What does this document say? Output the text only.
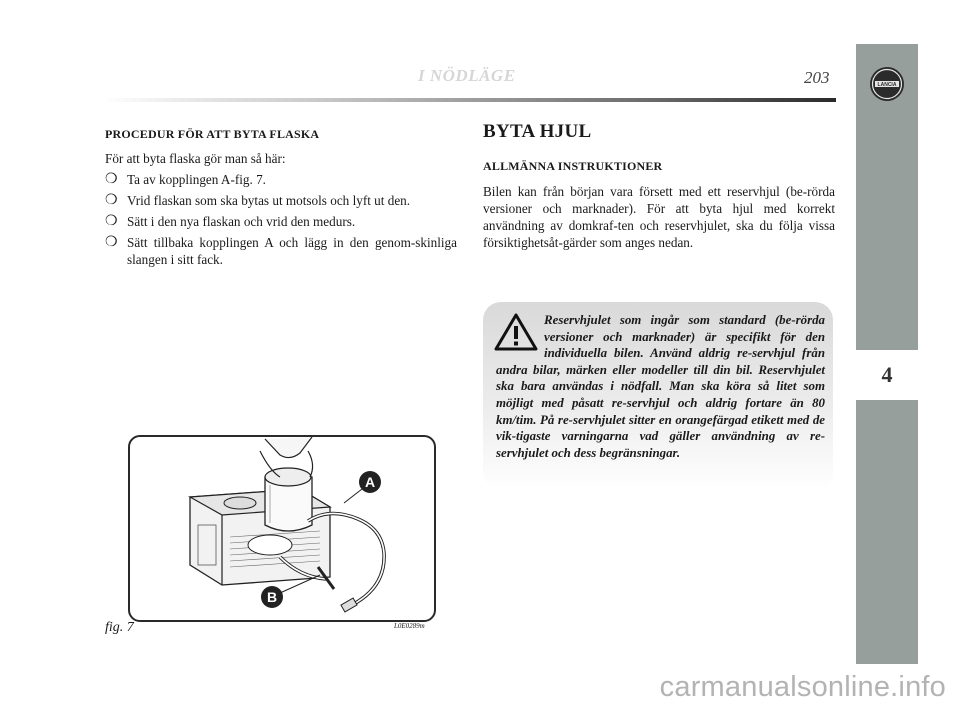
LANCIA
4
I NÖDLÄGE	203
PROCEDUR FÖR ATT BYTA FLASKA

För att byta flaska gör man så här:

❍ Ta av kopplingen A-fig. 7.
❍ Vrid flaskan som ska bytas ut motsols och lyft ut den.
❍ Sätt i den nya flaskan och vrid den medurs.
❍ Sätt tillbaka kopplingen A och lägg in den genom-skinliga slangen i sitt fack.
BYTA HJUL
ALLMÄNNA INSTRUKTIONER

Bilen kan från början vara försett med ett reservhjul (be-rörda versioner och marknader). För att byta hjul med korrekt användning av domkraf-ten och reservhjulet, ska du följa vissa försiktighetsåt-gärder som anges nedan.

Reservhjulet som ingår som standard (be-rörda versioner och marknader) är specifikt för den individuella bilen. Använd aldrig re-servhjul från andra bilar, märken eller modeller till din bil. Reservhjulet ska bara användas i nödfall. Man ska köra så litet som möjligt med påsatt re-servhjul och aldrig fortare än 80 km/tim. På re-servhjulet sitter en orangefärgad etikett med de vik-tigaste varningarna vad gäller användning av re-servhjulet och dess begränsningar.
A
B
fig. 7	L0E0289m
carmanualsonline.info
